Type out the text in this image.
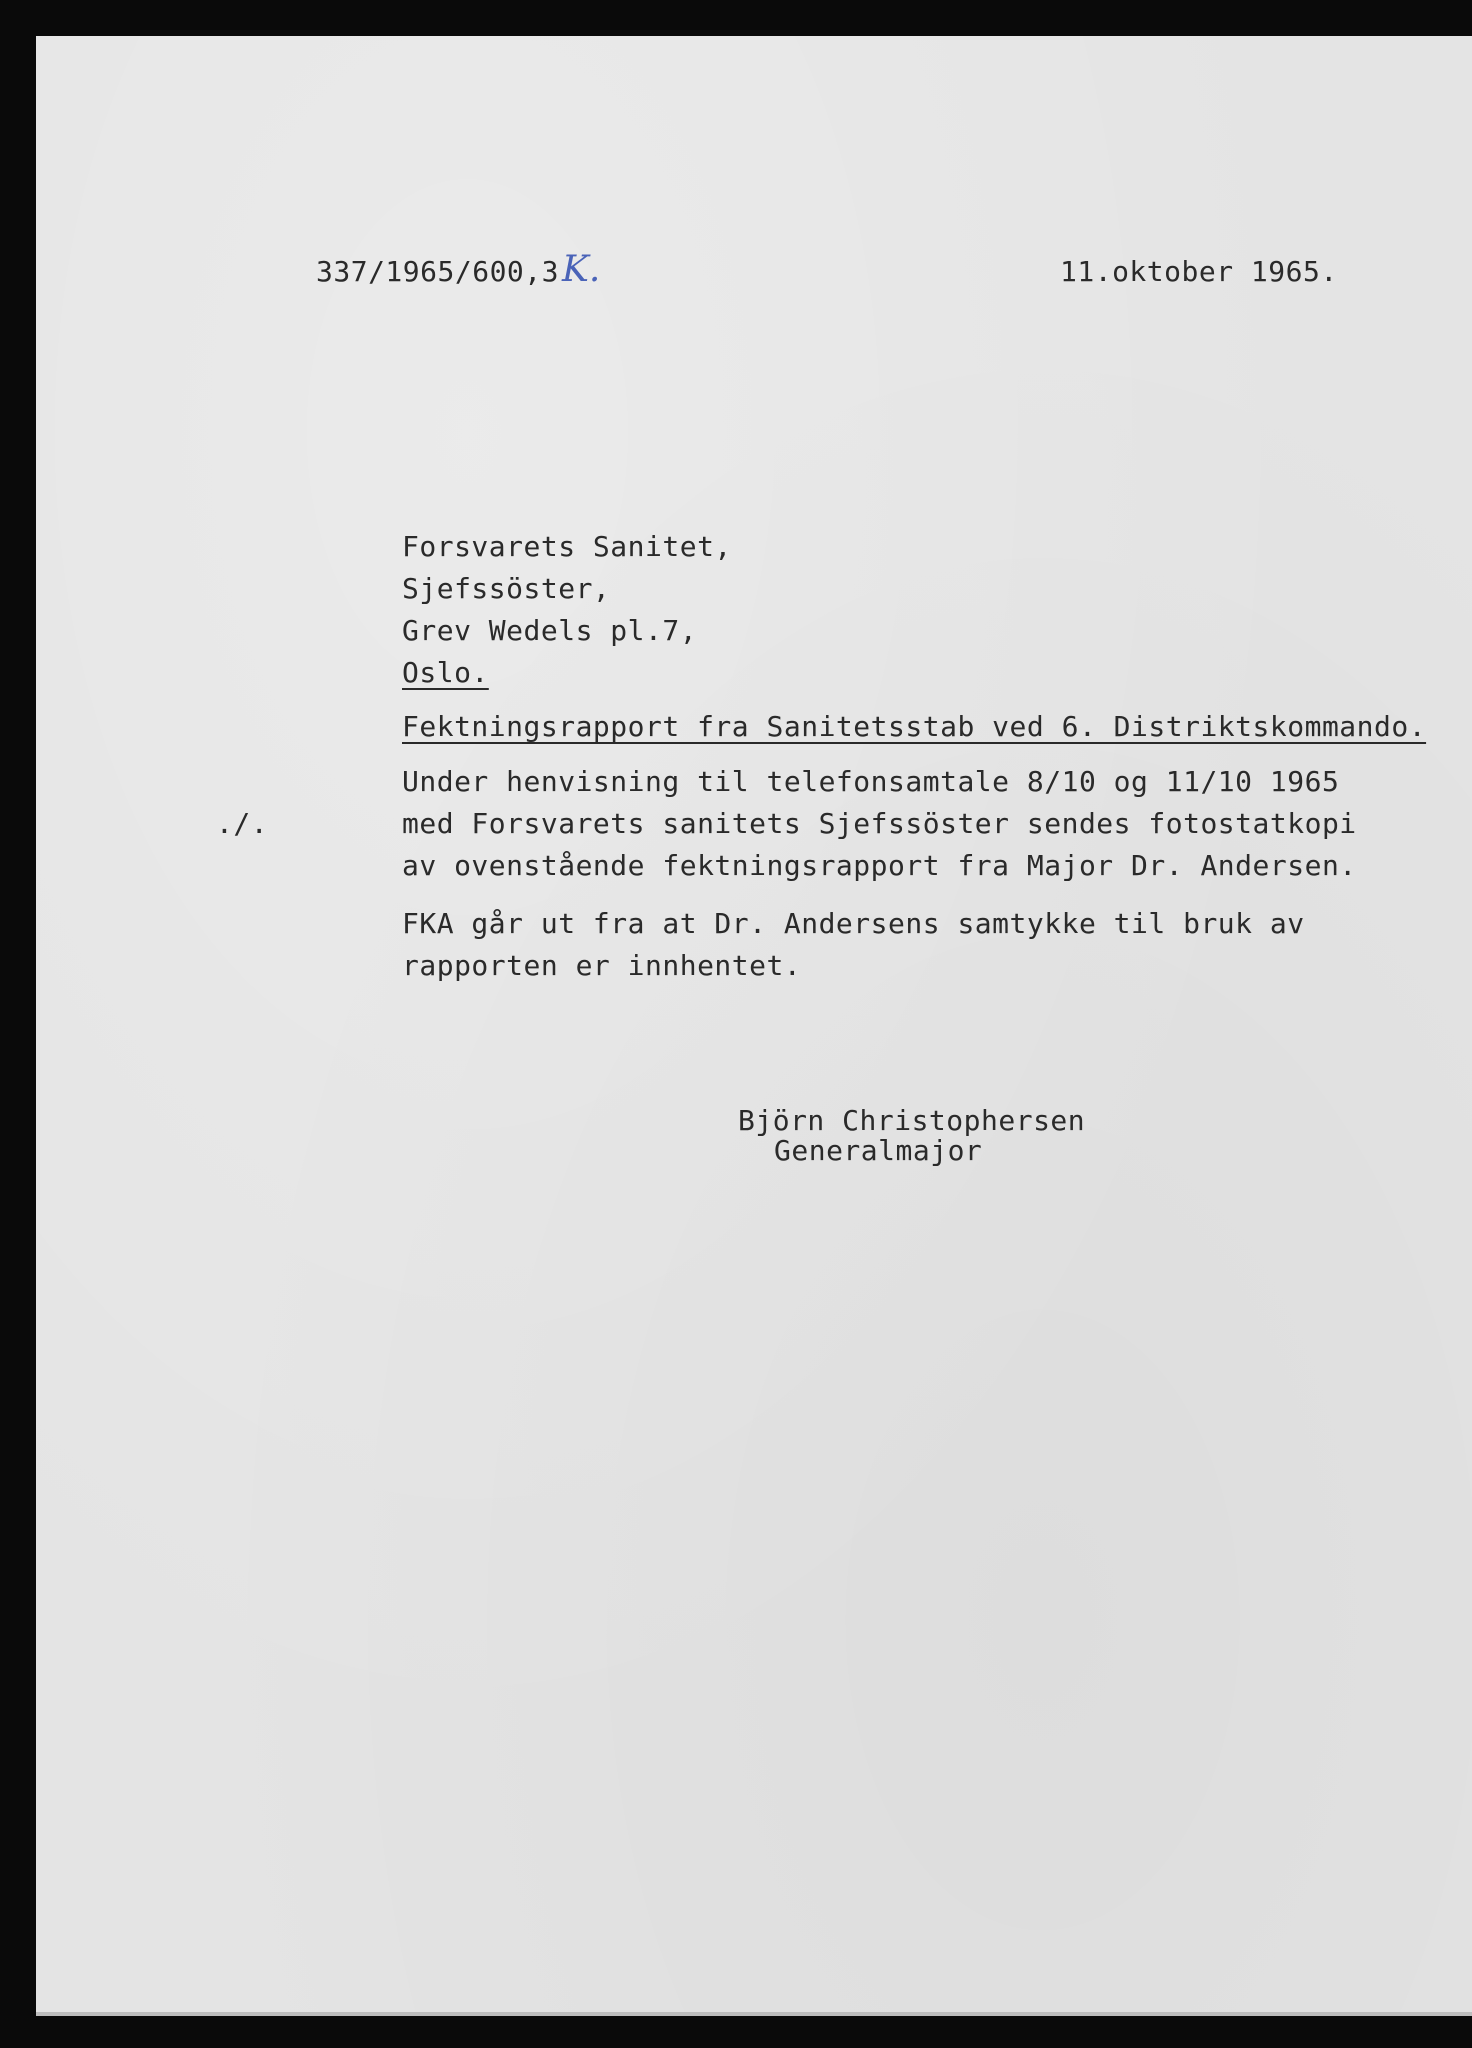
337/1965/600,3 K.	11.oktober 1965.
Forsvarets Sanitet,
Sjefssöster,
Grev Wedels pl.7,
Oslo.
Fektningsrapport fra Sanitetsstab ved 6. Distriktskommando.
./.
Under henvisning til telefonsamtale 8/10 og 11/10 1965
med Forsvarets sanitets Sjefssöster sendes fotostatkopi
av ovenstående fektningsrapport fra Major Dr. Andersen.
FKA går ut fra at Dr. Andersens samtykke til bruk av
rapporten er innhentet.
Björn Christophersen
Generalmajor
